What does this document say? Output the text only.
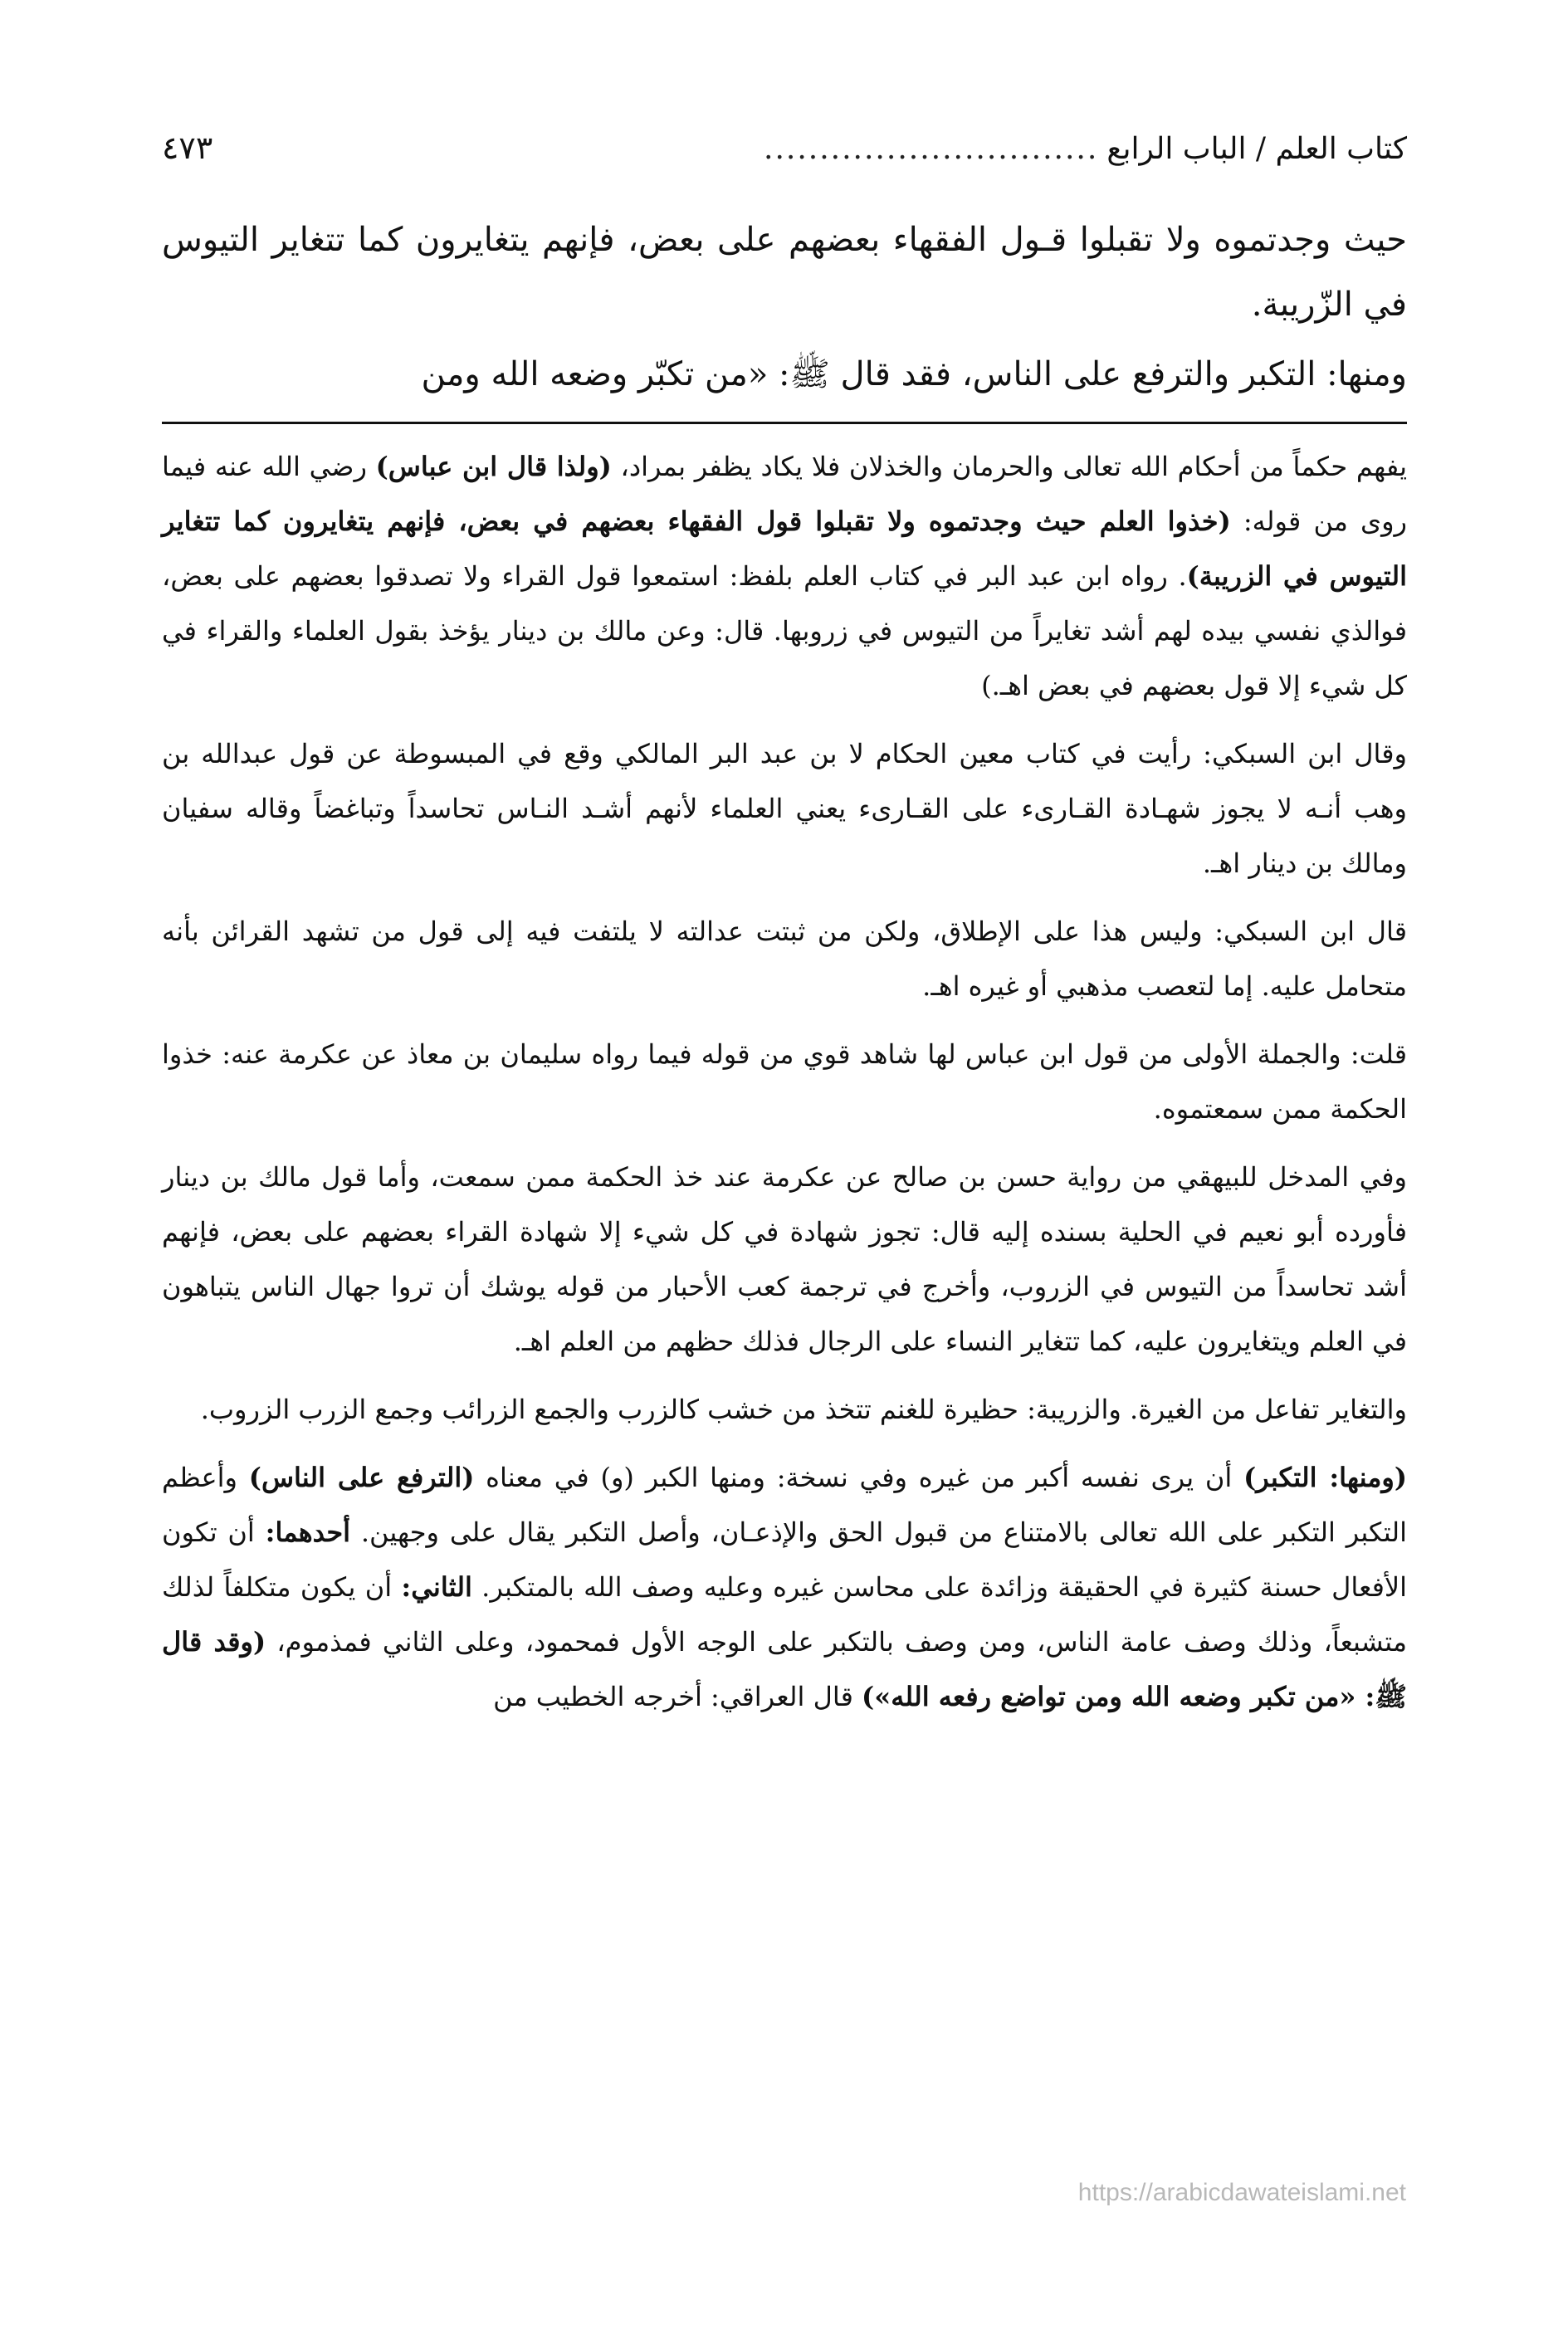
كتاب العلم / الباب الرابع
..............................
٤٧٣

حيث وجدتموه ولا تقبلوا قـول الفقهاء بعضهم على بعض، فإنهم يتغايرون كما تتغاير التيوس في الزّريبة.

ومنها: التكبر والترفع على الناس، فقد قال ﷺ: «من تكبّر وضعه الله ومن

يفهم حكماً من أحكام الله تعالى والحرمان والخذلان فلا يكاد يظفر بمراد، (ولذا قال ابن عباس) رضي الله عنه فيما روى من قوله: (خذوا العلم حيث وجدتموه ولا تقبلوا قول الفقهاء بعضهم في بعض، فإنهم يتغايرون كما تتغاير التيوس في الزريبة). رواه ابن عبد البر في كتاب العلم بلفظ: استمعوا قول القراء ولا تصدقوا بعضهم على بعض، فوالذي نفسي بيده لهم أشد تغايراً من التيوس في زروبها. قال: وعن مالك بن دينار يؤخذ بقول العلماء والقراء في كل شيء إلا قول بعضهم في بعض اهـ.)

وقال ابن السبكي: رأيت في كتاب معين الحكام لا بن عبد البر المالكي وقع في المبسوطة عن قول عبدالله بن وهب أنـه لا يجوز شهـادة القـارىء على القـارىء يعني العلماء لأنهم أشـد النـاس تحاسداً وتباغضاً وقاله سفيان ومالك بن دينار اهـ.

قال ابن السبكي: وليس هذا على الإطلاق، ولكن من ثبتت عدالته لا يلتفت فيه إلى قول من تشهد القرائن بأنه متحامل عليه. إما لتعصب مذهبي أو غيره اهـ.

قلت: والجملة الأولى من قول ابن عباس لها شاهد قوي من قوله فيما رواه سليمان بن معاذ عن عكرمة عنه: خذوا الحكمة ممن سمعتموه.

وفي المدخل للبيهقي من رواية حسن بن صالح عن عكرمة عند خذ الحكمة ممن سمعت، وأما قول مالك بن دينار فأورده أبو نعيم في الحلية بسنده إليه قال: تجوز شهادة في كل شيء إلا شهادة القراء بعضهم على بعض، فإنهم أشد تحاسداً من التيوس في الزروب، وأخرج في ترجمة كعب الأحبار من قوله يوشك أن تروا جهال الناس يتباهون في العلم ويتغايرون عليه، كما تتغاير النساء على الرجال فذلك حظهم من العلم اهـ.

والتغاير تفاعل من الغيرة. والزريبة: حظيرة للغنم تتخذ من خشب كالزرب والجمع الزرائب وجمع الزرب الزروب.

(ومنها: التكبر) أن يرى نفسه أكبر من غيره وفي نسخة: ومنها الكبر (و) في معناه (الترفع على الناس) وأعظم التكبر التكبر على الله تعالى بالامتناع من قبول الحق والإذعـان، وأصل التكبر يقال على وجهين. أحدهما: أن تكون الأفعال حسنة كثيرة في الحقيقة وزائدة على محاسن غيره وعليه وصف الله بالمتكبر. الثاني: أن يكون متكلفاً لذلك متشبعاً، وذلك وصف عامة الناس، ومن وصف بالتكبر على الوجه الأول فمحمود، وعلى الثاني فمذموم، (وقد قال ﷺ: «من تكبر وضعه الله ومن تواضع رفعه الله») قال العراقي: أخرجه الخطيب من

https://arabicdawateislami.net
